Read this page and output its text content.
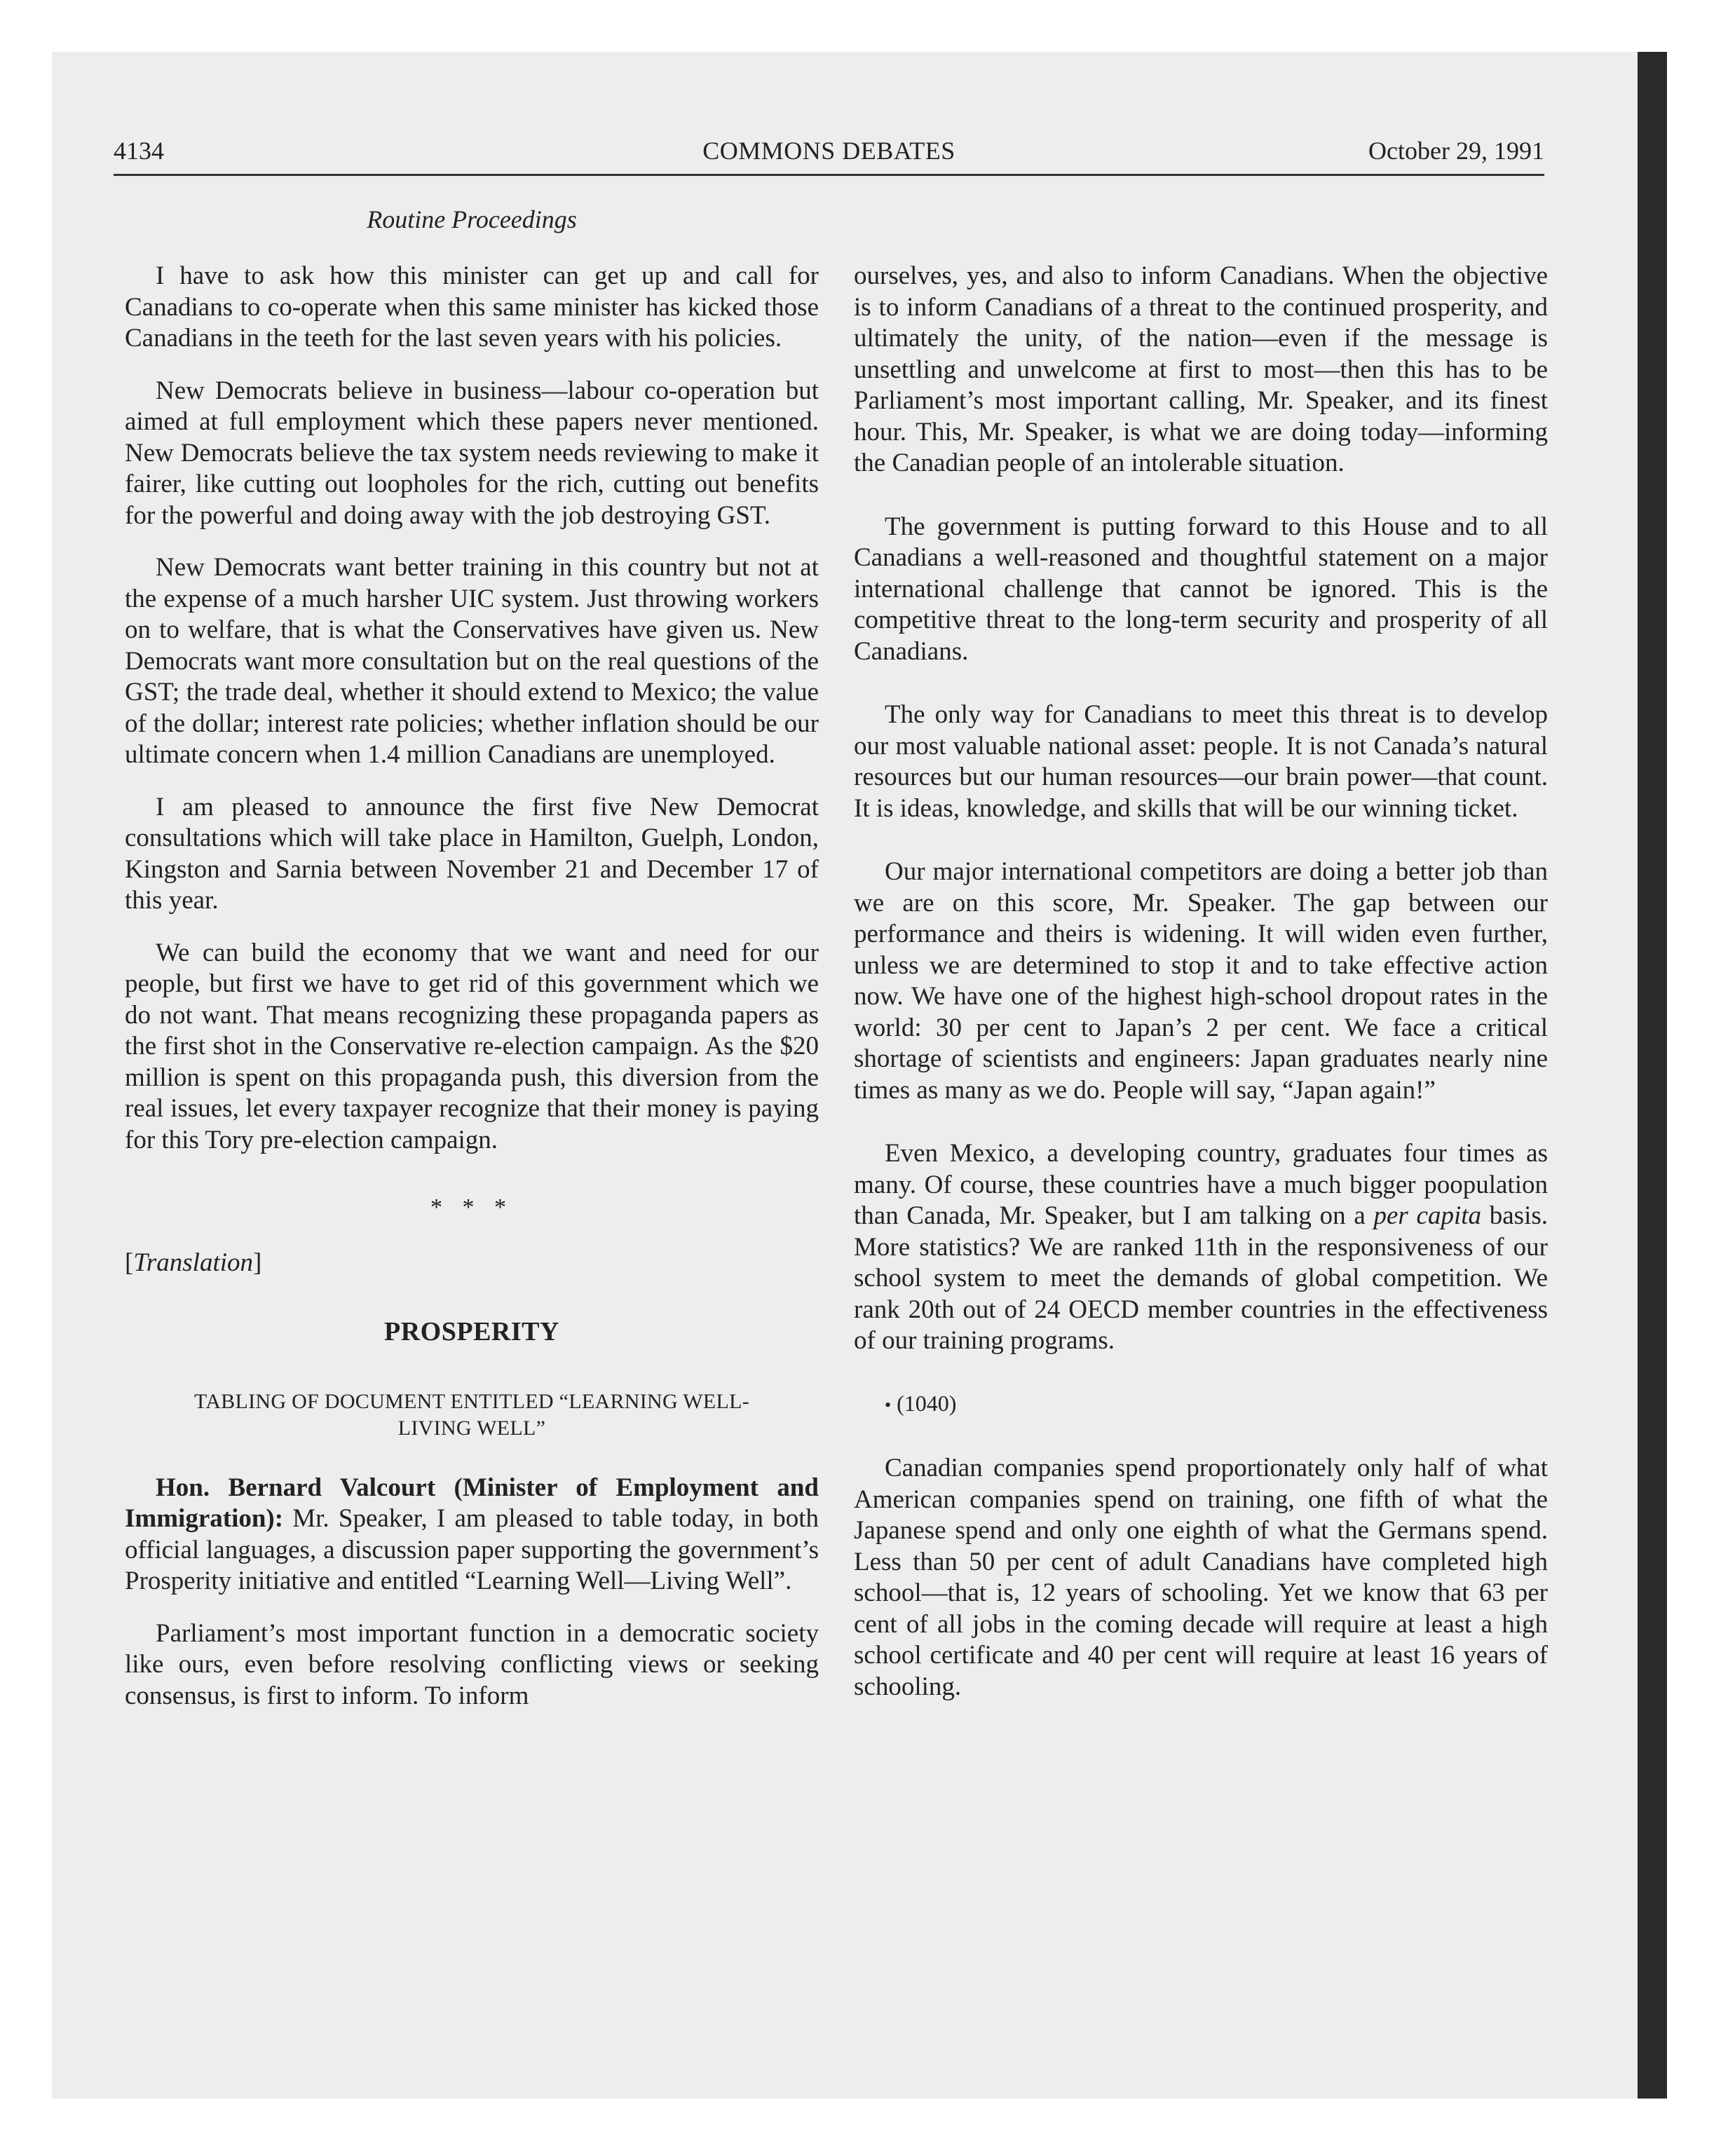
4134	COMMONS DEBATES	October 29, 1991
Routine Proceedings

I have to ask how this minister can get up and call for Canadians to co-operate when this same minister has kicked those Canadians in the teeth for the last seven years with his policies.

New Democrats believe in business—labour co-operation but aimed at full employment which these papers never mentioned. New Democrats believe the tax system needs reviewing to make it fairer, like cutting out loopholes for the rich, cutting out benefits for the powerful and doing away with the job destroying GST.

New Democrats want better training in this country but not at the expense of a much harsher UIC system. Just throwing workers on to welfare, that is what the Conservatives have given us. New Democrats want more consultation but on the real questions of the GST; the trade deal, whether it should extend to Mexico; the value of the dollar; interest rate policies; whether inflation should be our ultimate concern when 1.4 million Canadians are unemployed.

I am pleased to announce the first five New Democrat consultations which will take place in Hamilton, Guelph, London, Kingston and Sarnia between November 21 and December 17 of this year.

We can build the economy that we want and need for our people, but first we have to get rid of this government which we do not want. That means recognizing these propaganda papers as the first shot in the Conservative re-election campaign. As the $20 million is spent on this propaganda push, this diversion from the real issues, let every taxpayer recognize that their money is paying for this Tory pre-election campaign.

* * *
[Translation]
PROSPERITY
TABLING OF DOCUMENT ENTITLED “LEARNING WELL-LIVING WELL”

Hon. Bernard Valcourt (Minister of Employment and Immigration): Mr. Speaker, I am pleased to table today, in both official languages, a discussion paper supporting the government’s Prosperity initiative and entitled “Learning Well—Living Well”.

Parliament’s most important function in a democratic society like ours, even before resolving conflicting views or seeking consensus, is first to inform. To inform

ourselves, yes, and also to inform Canadians. When the objective is to inform Canadians of a threat to the continued prosperity, and ultimately the unity, of the nation—even if the message is unsettling and unwelcome at first to most—then this has to be Parliament’s most important calling, Mr. Speaker, and its finest hour. This, Mr. Speaker, is what we are doing today—informing the Canadian people of an intolerable situation.

The government is putting forward to this House and to all Canadians a well-reasoned and thoughtful statement on a major international challenge that cannot be ignored. This is the competitive threat to the long-term security and prosperity of all Canadians.

The only way for Canadians to meet this threat is to develop our most valuable national asset: people. It is not Canada’s natural resources but our human resources—our brain power—that count. It is ideas, knowledge, and skills that will be our winning ticket.

Our major international competitors are doing a better job than we are on this score, Mr. Speaker. The gap between our performance and theirs is widening. It will widen even further, unless we are determined to stop it and to take effective action now. We have one of the highest high-school dropout rates in the world: 30 per cent to Japan’s 2 per cent. We face a critical shortage of scientists and engineers: Japan graduates nearly nine times as many as we do. People will say, “Japan again!”

Even Mexico, a developing country, graduates four times as many. Of course, these countries have a much bigger poopulation than Canada, Mr. Speaker, but I am talking on a per capita basis. More statistics? We are ranked 11th in the responsiveness of our school system to meet the demands of global competition. We rank 20th out of 24 OECD member countries in the effectiveness of our training programs.

• (1040)

Canadian companies spend proportionately only half of what American companies spend on training, one fifth of what the Japanese spend and only one eighth of what the Germans spend. Less than 50 per cent of adult Canadians have completed high school—that is, 12 years of schooling. Yet we know that 63 per cent of all jobs in the coming decade will require at least a high school certificate and 40 per cent will require at least 16 years of schooling.
